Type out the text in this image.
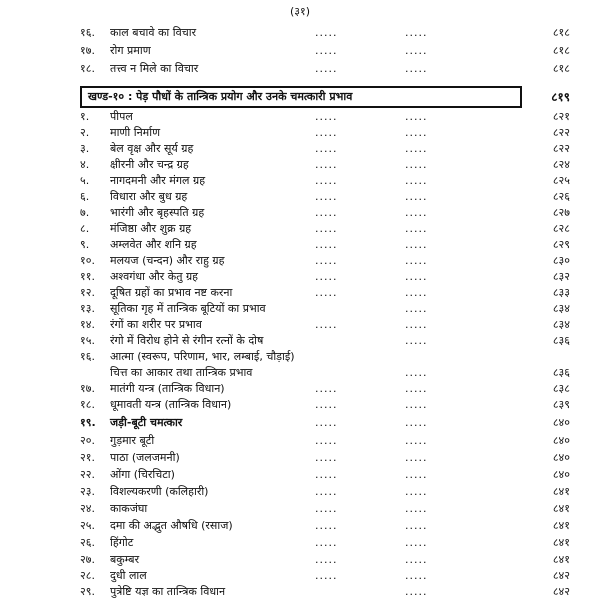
(३१)
१६. काल बचावे का विचार	.....	.....	८१८
१७. रोग प्रमाण	.....	.....	८१८
१८. तत्त्व न मिले का विचार	.....	.....	८१८
खण्ड-१० : पेड़ पौधों के तान्त्रिक प्रयोग और उनके चमत्कारी प्रभाव	८१९
१. पीपल	.....	.....	८२१
२. माणी निर्माण	.....	.....	८२२
३. बेल वृक्ष और सूर्य ग्रह	.....	.....	८२२
४. क्षीरनी और चन्द्र ग्रह	.....	.....	८२४
५. नागदमनी और मंगल ग्रह	.....	.....	८२५
६. विधारा और बुध ग्रह	.....	.....	८२६
७. भारंगी और बृहस्पति ग्रह	.....	.....	८२७
८. मंजिष्ठा और शुक्र ग्रह	.....	.....	८२८
९. अम्लवेत और शनि ग्रह	.....	.....	८२९
१०. मलयज (चन्दन) और राहु ग्रह	.....	.....	८३०
११. अश्वगंधा और केतु ग्रह	.....	.....	८३२
१२. दूषित ग्रहों का प्रभाव नष्ट करना	.....	.....	८३३
१३. सूतिका गृह में तान्त्रिक बूटियों का प्रभाव	.....	८३४
१४. रंगों का शरीर पर प्रभाव	.....	.....	८३४
१५. रंगो में विरोध होने से रंगीन रत्नों के दोष	.....	८३६
१६. आत्मा (स्वरूप, परिणाम, भार, लम्बाई, चौड़ाई)
चित्त का आकार तथा तान्त्रिक प्रभाव	.....	८३६
१७. मातंगी यन्त्र (तान्त्रिक विधान)	.....	.....	८३८
१८. धूमावती यन्त्र (तान्त्रिक विधान)	.....	.....	८३९
१९. जड़ी-बूटी चमत्कार	.....	.....	८४०
२०. गुड़मार बूटी	.....	.....	८४०
२१. पाठा (जलजमनी)	.....	.....	८४०
२२. ओंगा (चिरचिटा)	.....	.....	८४०
२३. विशल्यकरणी (कलिहारी)	.....	.....	८४१
२४. काकजंघा	.....	.....	८४१
२५. दमा की अद्भुत औषधि (रसाज)	.....	.....	८४१
२६. हिंगोट	.....	.....	८४१
२७. बकुम्बर	.....	.....	८४१
२८. दुधी लाल	.....	.....	८४२
२९. पुत्रेष्टि यज्ञ का तान्त्रिक विधान	.....	८४२
